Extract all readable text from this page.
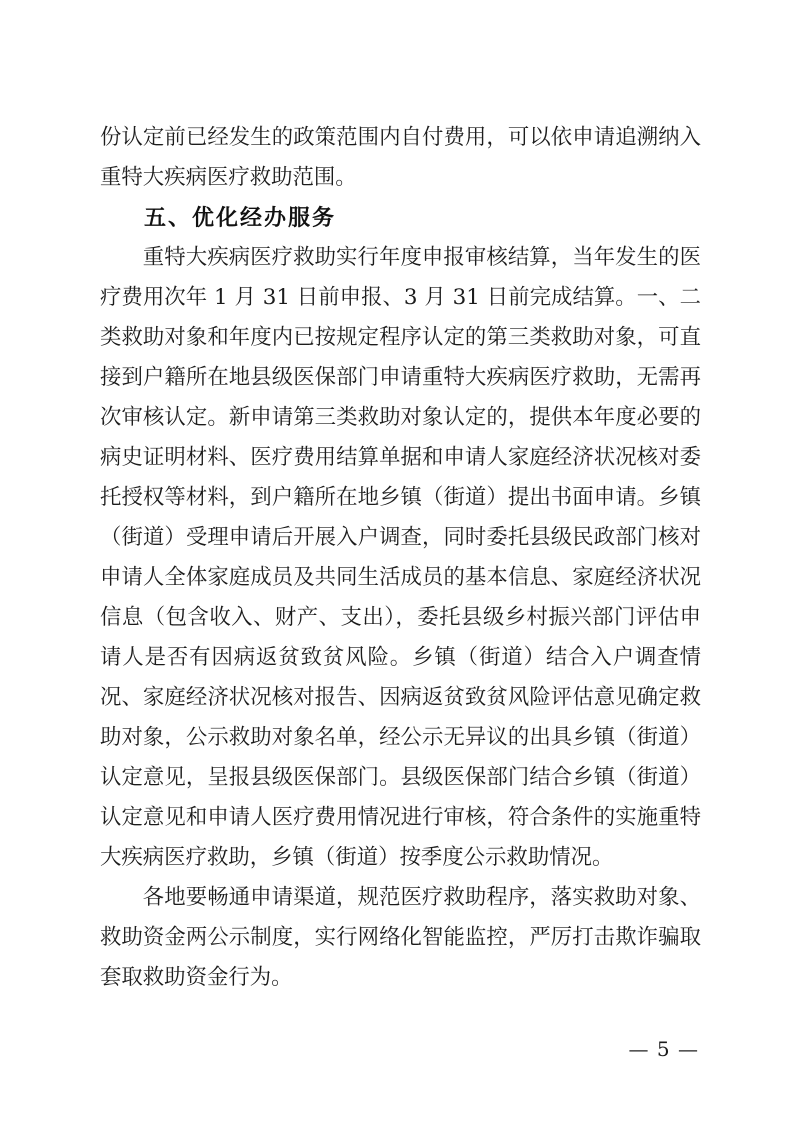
份认定前已经发生的政策范围内自付费用，可以依申请追溯纳入重特大疾病医疗救助范围。

五、优化经办服务

重特大疾病医疗救助实行年度申报审核结算，当年发生的医疗费用次年 1 月 31 日前申报、3 月 31 日前完成结算。一、二类救助对象和年度内已按规定程序认定的第三类救助对象，可直接到户籍所在地县级医保部门申请重特大疾病医疗救助，无需再次审核认定。新申请第三类救助对象认定的，提供本年度必要的病史证明材料、医疗费用结算单据和申请人家庭经济状况核对委托授权等材料，到户籍所在地乡镇（街道）提出书面申请。乡镇（街道）受理申请后开展入户调查，同时委托县级民政部门核对申请人全体家庭成员及共同生活成员的基本信息、家庭经济状况信息（包含收入、财产、支出），委托县级乡村振兴部门评估申请人是否有因病返贫致贫风险。乡镇（街道）结合入户调查情况、家庭经济状况核对报告、因病返贫致贫风险评估意见确定救助对象，公示救助对象名单，经公示无异议的出具乡镇（街道）认定意见，呈报县级医保部门。县级医保部门结合乡镇（街道）认定意见和申请人医疗费用情况进行审核，符合条件的实施重特大疾病医疗救助，乡镇（街道）按季度公示救助情况。

各地要畅通申请渠道，规范医疗救助程序，落实救助对象、救助资金两公示制度，实行网络化智能监控，严厉打击欺诈骗取套取救助资金行为。

— 5 —
